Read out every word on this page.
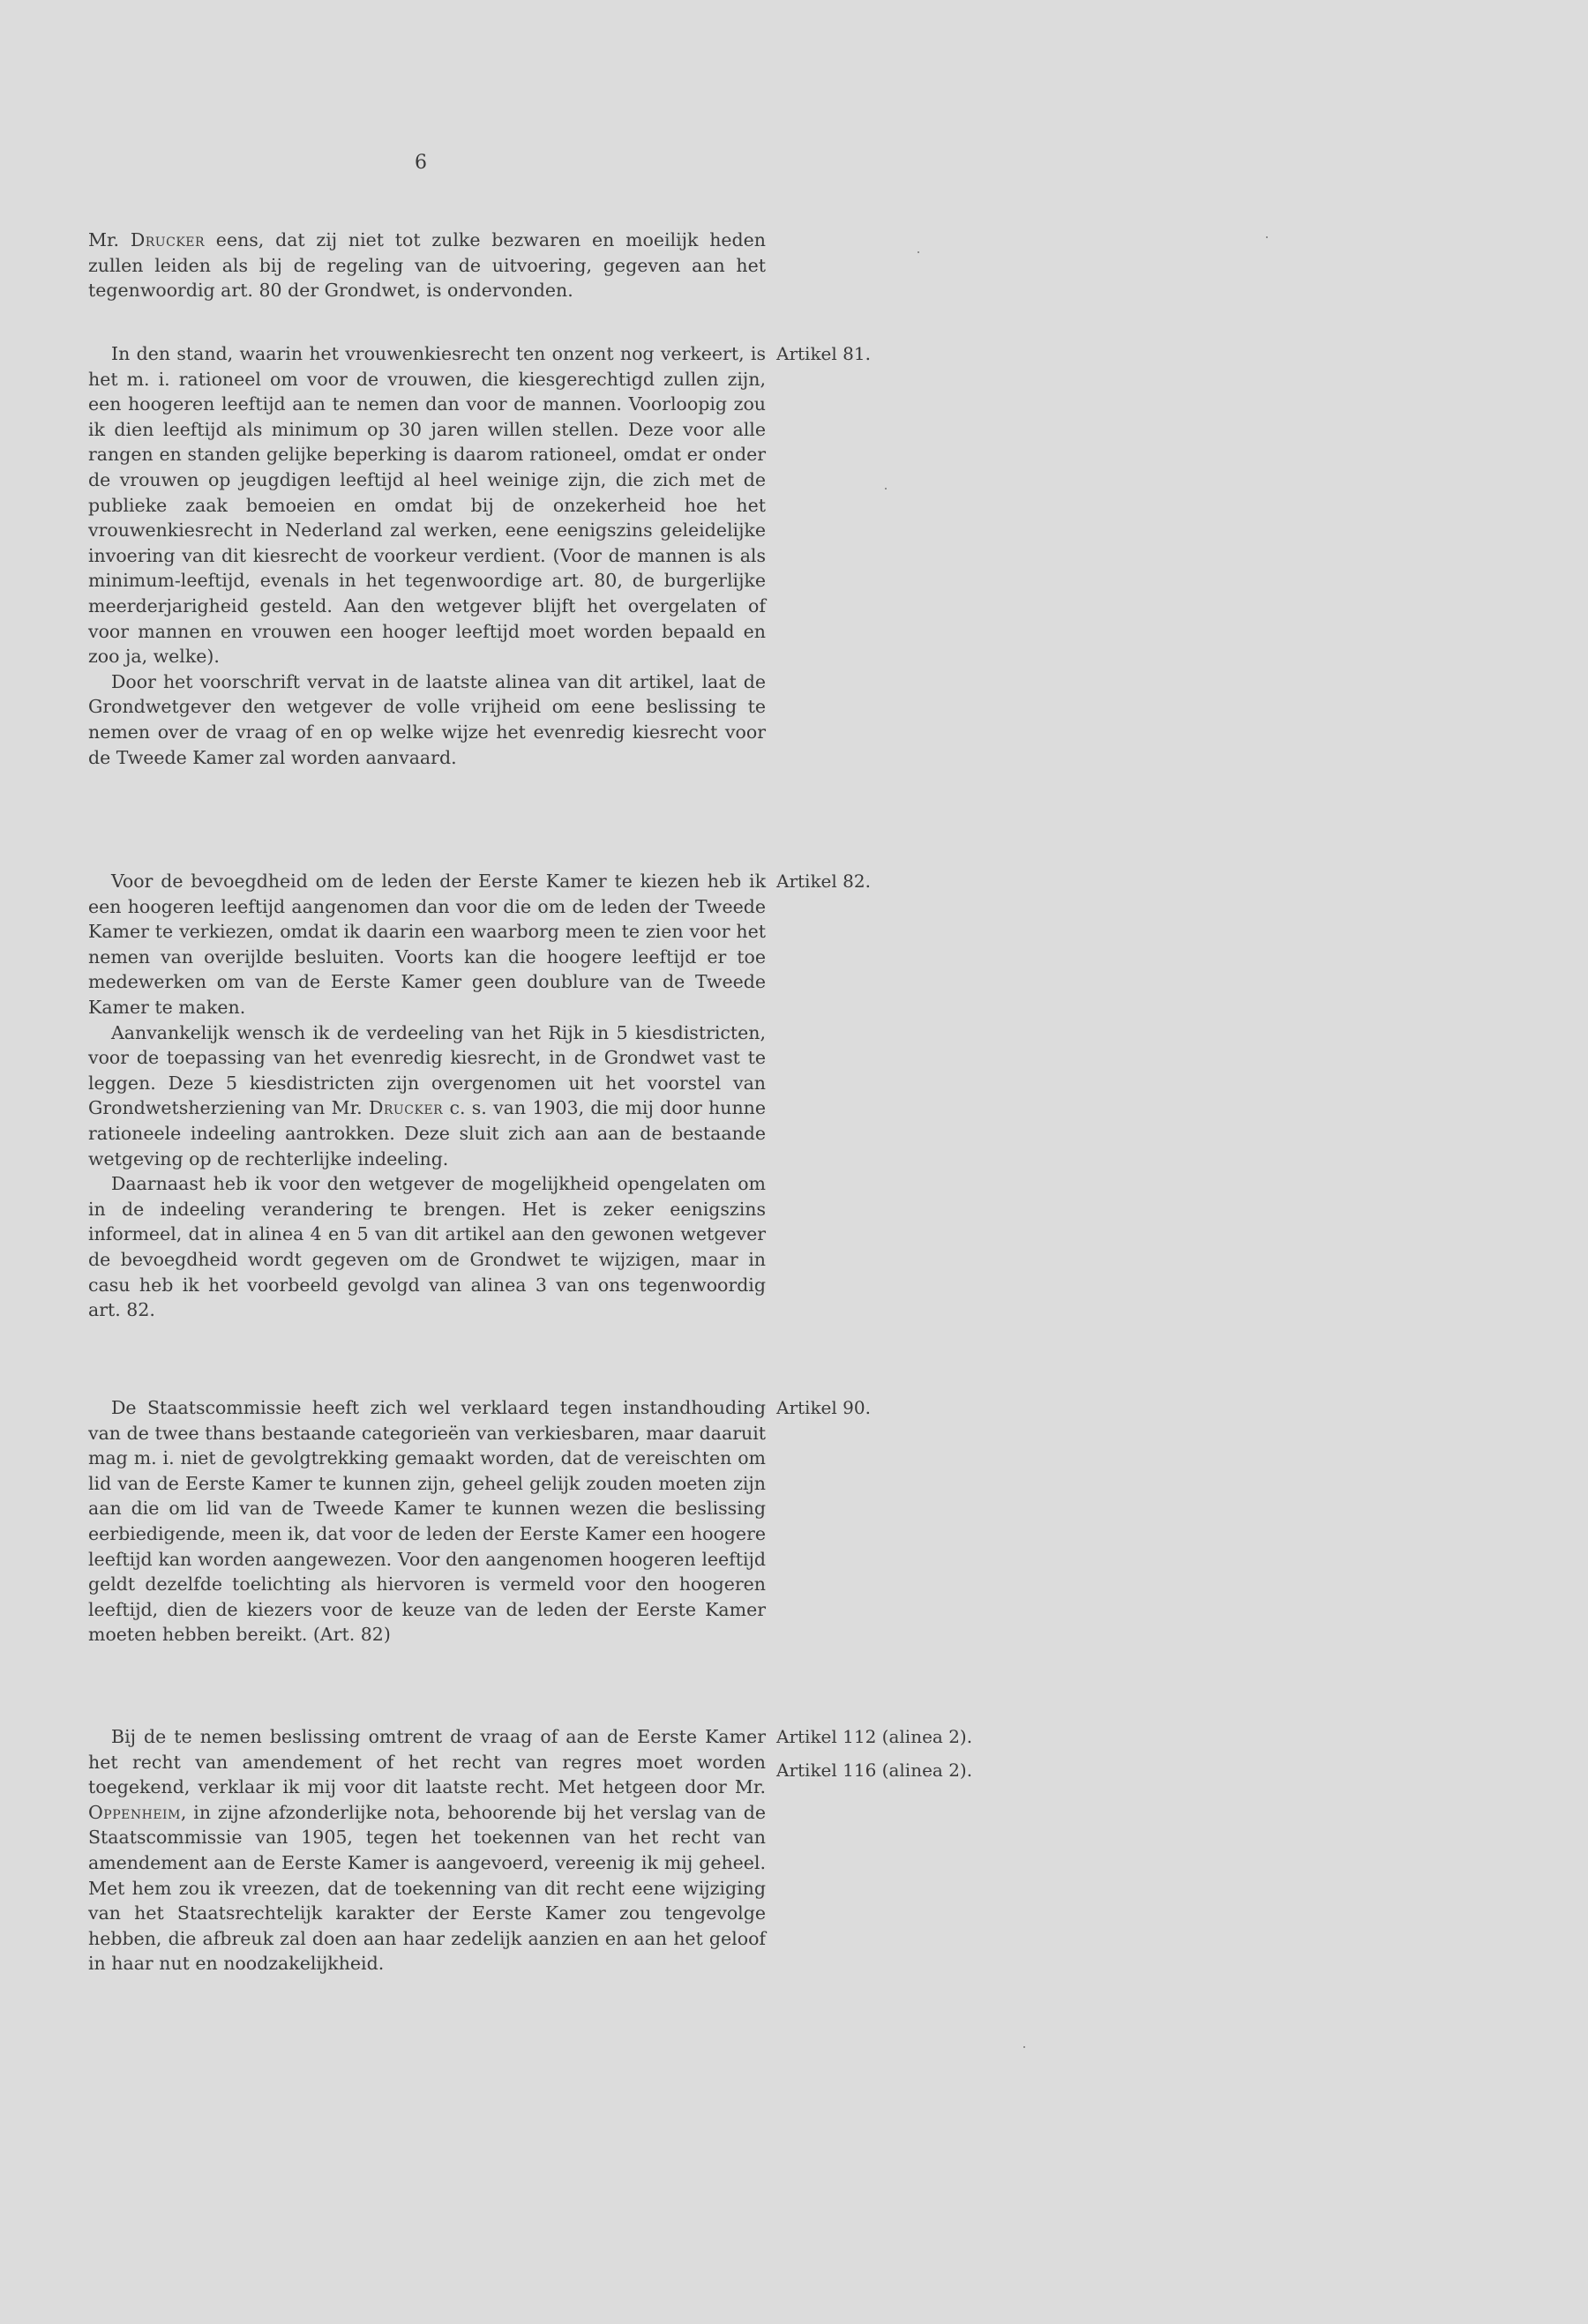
6

Mr. Drucker eens, dat zij niet tot zulke bezwaren en moeilijk heden zullen leiden als bij de regeling van de uitvoering, gegeven aan het tegenwoordig art. 80 der Grondwet, is ondervonden.

Artikel 81.

In den stand, waarin het vrouwenkiesrecht ten onzent nog verkeert, is het m. i. rationeel om voor de vrouwen, die kiesgerechtigd zullen zijn, een hoogeren leeftijd aan te nemen dan voor de mannen. Voorloopig zou ik dien leeftijd als minimum op 30 jaren willen stellen. Deze voor alle rangen en standen gelijke beperking is daarom rationeel, omdat er onder de vrouwen op jeugdigen leeftijd al heel weinige zijn, die zich met de publieke zaak bemoeien en omdat bij de onzekerheid hoe het vrouwenkiesrecht in Nederland zal werken, eene eenigszins geleidelijke invoering van dit kiesrecht de voorkeur verdient. (Voor de mannen is als minimum-leeftijd, evenals in het tegenwoordige art. 80, de burgerlijke meerderjarigheid gesteld. Aan den wetgever blijft het overgelaten of voor mannen en vrouwen een hooger leeftijd moet worden bepaald en zoo ja, welke).

Door het voorschrift vervat in de laatste alinea van dit artikel, laat de Grondwetgever den wetgever de volle vrijheid om eene beslissing te nemen over de vraag of en op welke wijze het evenredig kiesrecht voor de Tweede Kamer zal worden aanvaard.

Artikel 82.

Voor de bevoegdheid om de leden der Eerste Kamer te kiezen heb ik een hoogeren leeftijd aangenomen dan voor die om de leden der Tweede Kamer te verkiezen, omdat ik daarin een waarborg meen te zien voor het nemen van overijlde besluiten. Voorts kan die hoogere leeftijd er toe medewerken om van de Eerste Kamer geen doublure van de Tweede Kamer te maken.

Aanvankelijk wensch ik de verdeeling van het Rijk in 5 kiesdistricten, voor de toepassing van het evenredig kiesrecht, in de Grondwet vast te leggen. Deze 5 kiesdistricten zijn overgenomen uit het voorstel van Grondwetsherziening van Mr. Drucker c. s. van 1903, die mij door hunne rationeele indeeling aantrokken. Deze sluit zich aan aan de bestaande wetgeving op de rechterlijke indeeling.

Daarnaast heb ik voor den wetgever de mogelijkheid opengelaten om in de indeeling verandering te brengen. Het is zeker eenigszins informeel, dat in alinea 4 en 5 van dit artikel aan den gewonen wetgever de bevoegdheid wordt gegeven om de Grondwet te wijzigen, maar in casu heb ik het voorbeeld gevolgd van alinea 3 van ons tegenwoordig art. 82.

Artikel 90.

De Staatscommissie heeft zich wel verklaard tegen instandhouding van de twee thans bestaande categorieën van verkiesbaren, maar daaruit mag m. i. niet de gevolgtrekking gemaakt worden, dat de vereischten om lid van de Eerste Kamer te kunnen zijn, geheel gelijk zouden moeten zijn aan die om lid van de Tweede Kamer te kunnen wezen die beslissing eerbiedigende, meen ik, dat voor de leden der Eerste Kamer een hoogere leeftijd kan worden aangewezen. Voor den aangenomen hoogeren leeftijd geldt dezelfde toelichting als hiervoren is vermeld voor den hoogeren leeftijd, dien de kiezers voor de keuze van de leden der Eerste Kamer moeten hebben bereikt. (Art. 82)

Artikel 112 (alinea 2).
Artikel 116 (alinea 2).

Bij de te nemen beslissing omtrent de vraag of aan de Eerste Kamer het recht van amendement of het recht van regres moet worden toegekend, verklaar ik mij voor dit laatste recht. Met hetgeen door Mr. Oppenheim, in zijne afzonderlijke nota, behoorende bij het verslag van de Staatscommissie van 1905, tegen het toekennen van het recht van amendement aan de Eerste Kamer is aangevoerd, vereenig ik mij geheel. Met hem zou ik vreezen, dat de toekenning van dit recht eene wijziging van het Staatsrechtelijk karakter der Eerste Kamer zou tengevolge hebben, die afbreuk zal doen aan haar zedelijk aanzien en aan het geloof in haar nut en noodzakelijkheid.
